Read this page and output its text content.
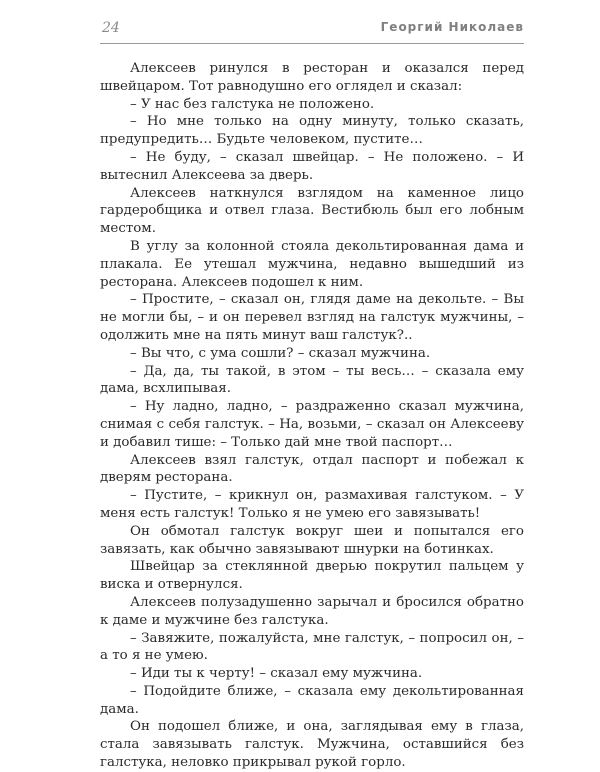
24	Георгий Николаев

Алексеев ринулся в ресторан и оказался перед швейцаром. Тот равнодушно его оглядел и сказал:

– У нас без галстука не положено.

– Но мне только на одну минуту, только сказать, предупредить… Будьте человеком, пустите…

– Не буду, – сказал швейцар. – Не положено. – И вытеснил Алексеева за дверь.

Алексеев наткнулся взглядом на каменное лицо гардеробщика и отвел глаза. Вестибюль был его лобным местом.

В углу за колонной стояла декольтированная дама и плакала. Ее утешал мужчина, недавно вышедший из ресторана. Алексеев подошел к ним.

– Простите, – сказал он, глядя даме на декольте. – Вы не могли бы, – и он перевел взгляд на галстук мужчины, – одолжить мне на пять минут ваш галстук?..

– Вы что, с ума сошли? – сказал мужчина.

– Да, да, ты такой, в этом – ты весь… – сказала ему дама, всхлипывая.

– Ну ладно, ладно, – раздраженно сказал мужчина, снимая с себя галстук. – На, возьми, – сказал он Алексееву и добавил тише: – Только дай мне твой паспорт…

Алексеев взял галстук, отдал паспорт и побежал к дверям ресторана.

– Пустите, – крикнул он, размахивая галстуком. – У меня есть галстук! Только я не умею его завязывать!

Он обмотал галстук вокруг шеи и попытался его завязать, как обычно завязывают шнурки на ботинках.

Швейцар за стеклянной дверью покрутил пальцем у виска и отвернулся.

Алексеев полузадушенно зарычал и бросился обратно к даме и мужчине без галстука.

– Завяжите, пожалуйста, мне галстук, – попросил он, – а то я не умею.

– Иди ты к черту! – сказал ему мужчина.

– Подойдите ближе, – сказала ему декольтированная дама.

Он подошел ближе, и она, заглядывая ему в глаза, стала завязывать галстук. Мужчина, оставшийся без галстука, неловко прикрывал рукой горло.
